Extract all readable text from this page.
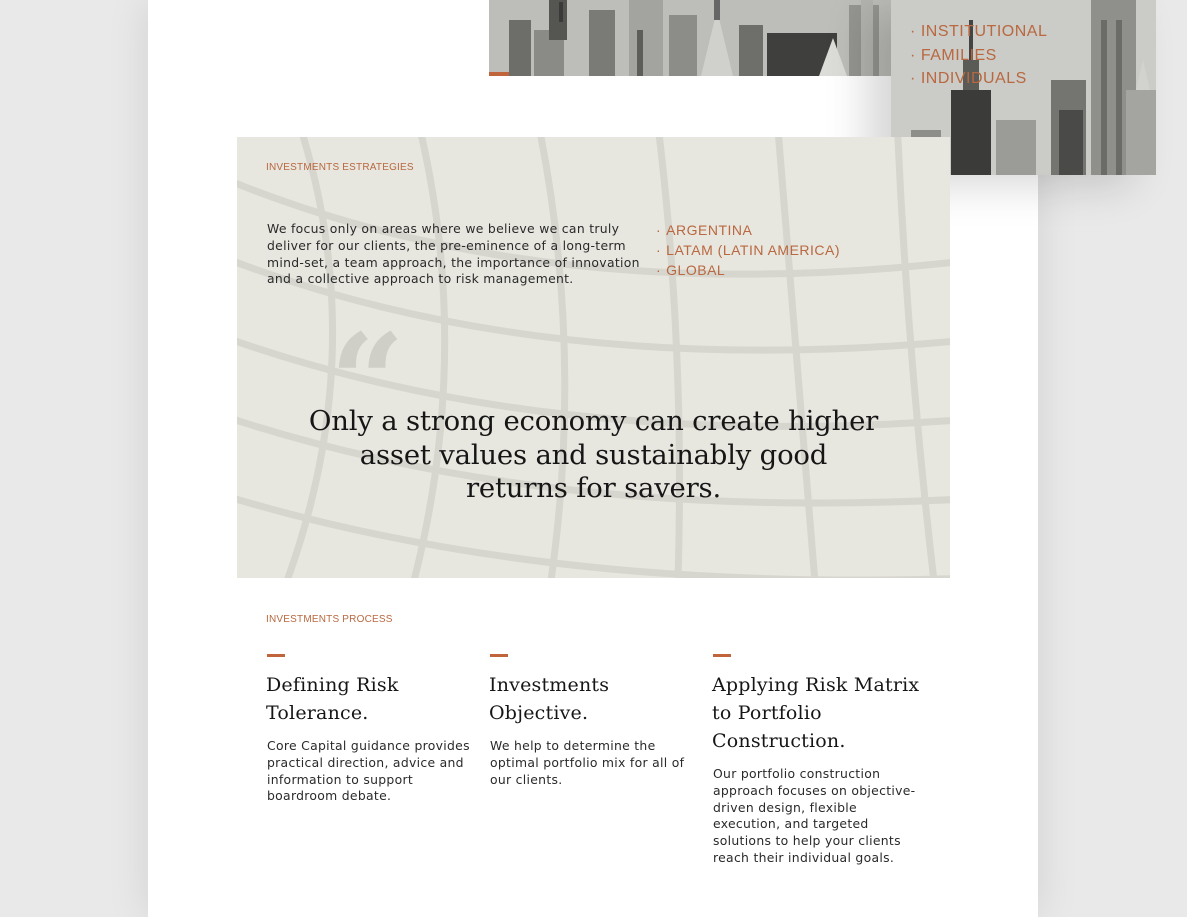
· INSTITUTIONAL
· FAMILIES
· INDIVIDUALS
INVESTMENTS ESTRATEGIES

We focus only on areas where we believe we can truly deliver for our clients, the pre-eminence of a long-term mind-set, a team approach, the importance of innovation and a collective approach to risk management.

· ARGENTINA
· LATAM (LATIN AMERICA)
· GLOBAL
“
Only a strong economy can create higher asset values and sustainably good returns for savers.
INVESTMENTS PROCESS
Defining Risk Tolerance.

Core Capital guidance provides practical direction, advice and information to support boardroom debate.

Investments Objective.

We help to determine the optimal portfolio mix for all of our clients.

Applying Risk Matrix to Portfolio Construction.

Our portfolio construction approach focuses on objective-driven design, flexible execution, and targeted solutions to help your clients reach their individual goals.
